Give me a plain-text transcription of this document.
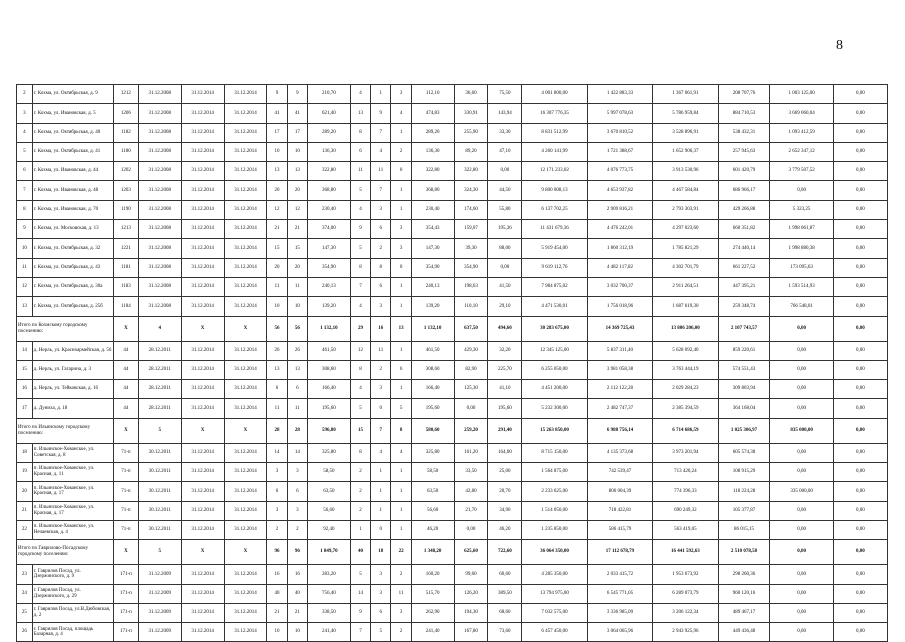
8
2	г. Кохма, ул. Октябрьская, д. 9	1212	31.12.2008	31.12.2014	31.12.2014	9	9	210,70	4	1	3	112,10	36,60	75,50	4 001 800,00	1 422 883,33	1 367 061,91	208 707,76	1 003 125,00	0,00
3	г. Кохма, ул. Ивановская, д. 5	1206	31.12.2008	31.12.2014	31.12.2014	41	41	621,40	13	9	4	474,83	330,91	143,94	16 307 776,35	5 997 078,63	5 786 959,84	884 710,53	3 669 060,04	0,00
4	г. Кохма, ул. Октябрьская, д. 40	1182	31.12.2008	31.12.2014	31.12.2014	17	17	289,20	8	7	1	289,20	255,90	33,30	8 831 512,99	3 670 810,52	3 528 896,91	538 432,31	1 093 412,59	0,00
5	г. Кохма, ул. Октябрьская, д. 41	1180	31.12.2008	31.12.2014	31.12.2014	10	10	136,30	6	4	2	136,30	89,20	47,10	4 260 141,99	1 721 388,67	1 652 906,37	257 945,63	2 652 347,12	0,00
6	г. Кохма, ул. Ивановская, д. 44	1202	31.12.2008	31.12.2014	31.12.2014	13	13	322,80	11	11	0	322,80	322,80	0,00	12 171 233,02	4 076 773,75	3 913 530,96	601 420,79	3 779 507,52	0,00
7	г. Кохма, ул. Ивановская, д. 48	1203	31.12.2008	31.12.2014	31.12.2014	20	20	368,80	5	7	1	368,80	324,30	44,50	9 800 008,13	4 653 937,82	4 467 584,84	686 966,17	0,00	0,00
8	г. Кохма, ул. Ивановская, д. 70	1190	31.12.2008	31.12.2014	31.12.2014	12	12	230,40	4	3	1	230,40	174,60	55,80	6 137 702,25	2 909 816,21	2 793 303,91	429 266,88	5 323,25	0,00
9	г. Кохма, ул. Московская, д. 13	1213	31.12.2008	31.12.2014	31.12.2014	21	21	374,00	9	6	3	354,43	159,07	195,36	11 431 679,36	4 476 242,01	4 297 023,60	660 351,82	1 998 061,87	0,00
10	г. Кохма, ул. Октябрьская, д. 32	1221	31.12.2008	31.12.2014	31.12.2014	15	15	147,30	5	2	3	147,30	39,30	88,00	5 919 454,00	1 860 312,19	1 785 821,29	274 440,14	1 998 880,38	0,00
11	г. Кохма, ул. Октябрьская, д. 43	1181	31.12.2008	31.12.2014	31.12.2014	20	20	354,90	8	8	0	354,90	354,90	0,00	9 619 112,76	4 482 117,82	4 302 701,79	661 227,52	173 095,63	0,00
12	г. Кохма, ул. Октябрьская, д. 30а	1183	31.12.2008	31.12.2014	31.12.2014	11	11	240,13	7	6	1	240,13	198,63	41,50	7 984 875,02	3 032 700,37	2 911 264,51	447 395,21	1 593 514,93	0,00
13	г. Кохма, ул. Октябрьская, д. 25б	1184	31.12.2008	31.12.2014	31.12.2014	10	10	139,20	4	3	1	139,20	110,10	29,10	4 471 530,01	1 756 018,96	1 687 619,30	259 348,74	766 548,01	0,00
Итого по Кохмскому городскому поселению:		X	4	X	X	56	56	1 132,10	29	16	13	1 132,10	637,50	494,60	30 283 675,00	14 369 725,43	13 806 206,00	2 107 743,57	0,00	0,00
14	д. Нерль, ул. Красноармейская, д. 56	44	28.12.2011	31.12.2014	31.12.2014	26	26	461,50	12	11	1	461,50	429,30	32,20	12 345 125,00	5 837 311,40	5 628 092,40	859 220,61	0,00	0,00
15	д. Нерль, ул. Гагарина, д. 3	44	28.12.2011	31.12.2014	31.12.2014	13	13	308,60	8	2	6	308,60	82,90	225,70	6 255 050,00	3 981 058,38	3 763 444,19	574 551,43	0,00	0,00
16	д. Нерль, ул. Тейковская, д. 16	44	28.12.2011	31.12.2014	31.12.2014	6	6	166,40	4	3	1	166,40	125,30	41,10	4 451 200,00	2 112 122,28	2 029 284,23	309 803,94	0,00	0,00
17	д. Дуниха, д. 18	44	28.12.2011	31.12.2014	31.12.2014	11	11	195,60	5	0	5	195,60	0,00	195,60	5 232 300,00	2 482 747,37	2 385 394,59	364 168,04	0,00	0,00
Итого по Ильинскому городскому поселению:		X	5	X	X	28	28	596,80	15	7	8	580,60	259,20	291,40	15 263 850,00	6 988 756,14	6 714 686,59	1 025 306,97	835 000,00	0,00
18	п. Ильинское-Хованское, ул. Советская, д. 8	71-п	30.12.2011	31.12.2014	31.12.2014	14	14	325,80	8	4	4	325,80	161,20	164,60	8 715 150,00	4 135 373,68	3 973 201,94	605 574,38	0,00	0,00
19	п. Ильинское-Хованское, ул. Красная, д. 11	71-п	30.12.2011	31.12.2014	31.12.2014	3	3	58,50	2	1	1	58,50	33,50	25,00	1 564 875,00	742 539,47	713 420,24	108 915,29	0,00	0,00
20	п. Ильинское-Хованское, ул. Красная, д. 17	71-п	30.12.2011	31.12.2014	31.12.2014	6	6	63,50	2	1	1	63,50	42,80	20,70	2 233 625,00	806 004,39	774 396,33	118 224,28	335 000,00	0,00
21	п. Ильинское-Хованское, ул. Красная, д. 17	71-п	30.12.2011	31.12.2014	31.12.2014	3	3	56,60	2	1	1	56,60	21,70	34,90	1 514 050,00	718 422,81	690 249,32	105 377,87	0,00	0,00
22	п. Ильинское-Хованское, ул. Нечаевская, д. 4	71-п	30.12.2011	31.12.2014	31.12.2014	2	2	92,40	1	0	1	46,20	0,00	46,20	1 235 850,00	586 415,79	563 419,05	86 015,15	0,00	0,00
Итого по Гаврилово-Посадскому городскому поселению:		X	5	X	X	96	96	1 849,70	40	18	22	1 348,20	625,60	722,60	36 064 350,00	17 112 678,79	16 441 592,63	2 510 078,58	0,00	0,00
23	г. Гаврилов Посад, ул. Дзержинского, д. 9	171-п	31.12.2009	31.12.2014	31.12.2014	16	16	283,20	5	3	2	160,20	99,60	60,60	4 285 350,00	2 033 415,72	1 953 673,92	298 260,36	0,00	0,00
24	г. Гаврилов Посад, ул. Дзержинского, д. 29	171-п	31.12.2009	31.12.2014	31.12.2014	40	40	756,40	14	3	11	515,70	126,20	389,50	13 794 975,00	6 545 771,05	6 289 073,79	960 120,16	0,00	0,00
25	г. Гаврилов Посад, ул.В.Дюбовская, д. 2	171-п	31.12.2009	31.12.2014	31.12.2014	21	21	338,50	9	6	3	262,90	194,30	68,60	7 032 575,00	3 336 985,09	3 206 122,34	489 467,17	0,00	0,00
26	г. Гаврилов Посад, площадь Базарная, д. 4	171-п	31.12.2009	31.12.2014	31.12.2014	10	10	241,40	7	5	2	241,40	167,80	73,60	6 457 450,00	3 064 065,96	2 943 925,96	449 436,48	0,00	0,00
